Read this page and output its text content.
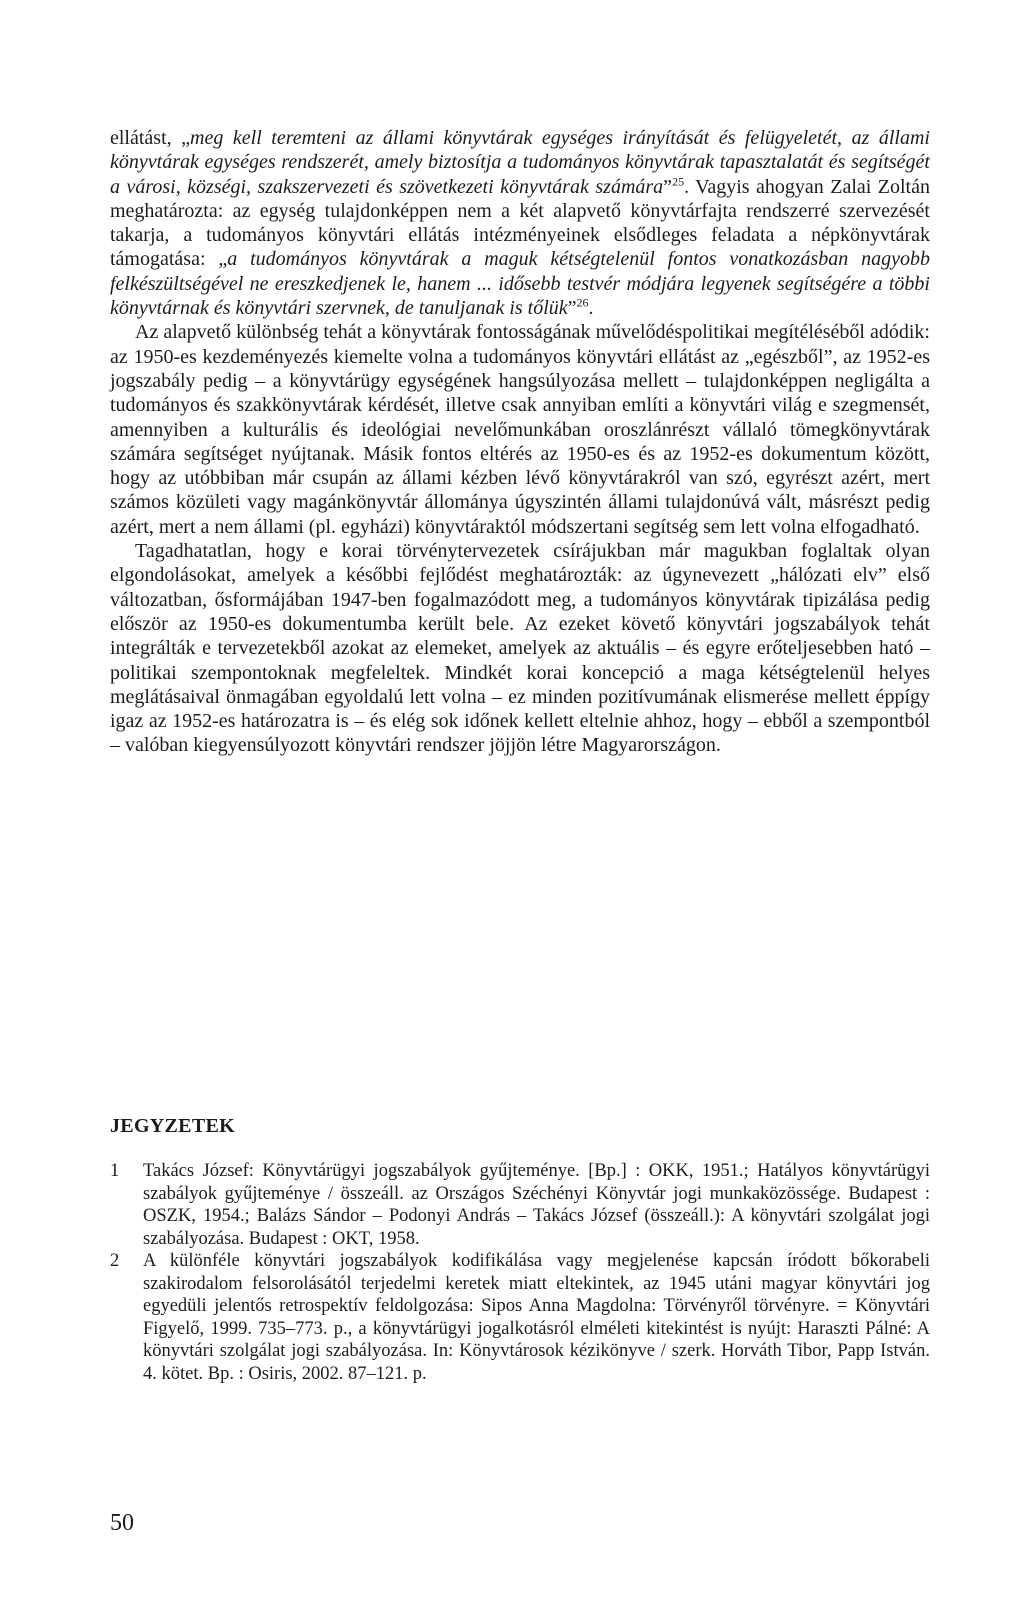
ellátást, „meg kell teremteni az állami könyvtárak egységes irányítását és felügyeletét, az állami könyvtárak egységes rendszerét, amely biztosítja a tudományos könyvtárak tapasztalatát és segítségét a városi, községi, szakszervezeti és szövetkezeti könyvtárak számára”$^{25}$. Vagyis ahogyan Zalai Zoltán meghatározta: az egység tulajdonképpen nem a két alapvető könyvtárfajta rendszerré szervezését takarja, a tudományos könyvtári ellátás intézményeinek elsődleges feladata a népkönyvtárak támogatása: „a tudományos könyvtárak a maguk kétségtelenül fontos vonatkozásban nagyobb felkészültségével ne ereszkedjenek le, hanem ... idősebb testvér módjára legyenek segítségére a többi könyvtárnak és könyvtári szervnek, de tanuljanak is tőlük”$^{26}$.

Az alapvető különbség tehát a könyvtárak fontosságának művelődéspolitikai megítéléséből adódik: az 1950-es kezdeményezés kiemelte volna a tudományos könyvtári ellátást az „egészből”, az 1952-es jogszabály pedig – a könyvtárügy egységének hangsúlyozása mellett – tulajdonképpen negligálta a tudományos és szakkönyvtárak kérdését, illetve csak annyiban említi a könyvtári világ e szegmensét, amennyiben a kulturális és ideológiai nevelőmunkában oroszlánrészt vállaló tömegkönyvtárak számára segítséget nyújtanak. Másik fontos eltérés az 1950-es és az 1952-es dokumentum között, hogy az utóbbiban már csupán az állami kézben lévő könyvtárakról van szó, egyrészt azért, mert számos közületi vagy magánkönyvtár állománya úgyszintén állami tulajdonúvá vált, másrészt pedig azért, mert a nem állami (pl. egyházi) könyvtáraktól módszertani segítség sem lett volna elfogadható.

Tagadhatatlan, hogy e korai törvénytervezetek csírájukban már magukban foglaltak olyan elgondolásokat, amelyek a későbbi fejlődést meghatározták: az úgynevezett „hálózati elv” első változatban, ősformájában 1947-ben fogalmazódott meg, a tudományos könyvtárak tipizálása pedig először az 1950-es dokumentumba került bele. Az ezeket követő könyvtári jogszabályok tehát integrálták e tervezetekből azokat az elemeket, amelyek az aktuális – és egyre erőteljesebben ható – politikai szempontoknak megfeleltek. Mindkét korai koncepció a maga kétségtelenül helyes meglátásaival önmagában egyoldalú lett volna – ez minden pozitívumának elismerése mellett éppígy igaz az 1952-es határozatra is – és elég sok időnek kellett eltelnie ahhoz, hogy – ebből a szempontból – valóban kiegyensúlyozott könyvtári rendszer jöjjön létre Magyarországon.

JEGYZETEK
1	Takács József: Könyvtárügyi jogszabályok gyűjteménye. [Bp.] : OKK, 1951.; Hatályos könyvtárügyi szabályok gyűjteménye / összeáll. az Országos Széchényi Könyvtár jogi munkaközössége. Budapest : OSZK, 1954.; Balázs Sándor – Podonyi András – Takács József (összeáll.): A könyvtári szolgálat jogi szabályozása. Budapest : OKT, 1958.
2	A különféle könyvtári jogszabályok kodifikálása vagy megjelenése kapcsán íródott bőkorabeli szakirodalom felsorolásától terjedelmi keretek miatt eltekintek, az 1945 utáni magyar könyvtári jog egyedüli jelentős retrospektív feldolgozása: Sipos Anna Magdolna: Törvényről törvényre. = Könyvtári Figyelő, 1999. 735–773. p., a könyvtárügyi jogalkotásról elméleti kitekintést is nyújt: Haraszti Pálné: A könyvtári szolgálat jogi szabályozása. In: Könyvtárosok kézikönyve / szerk. Horváth Tibor, Papp István. 4. kötet. Bp. : Osiris, 2002. 87–121. p.
50
